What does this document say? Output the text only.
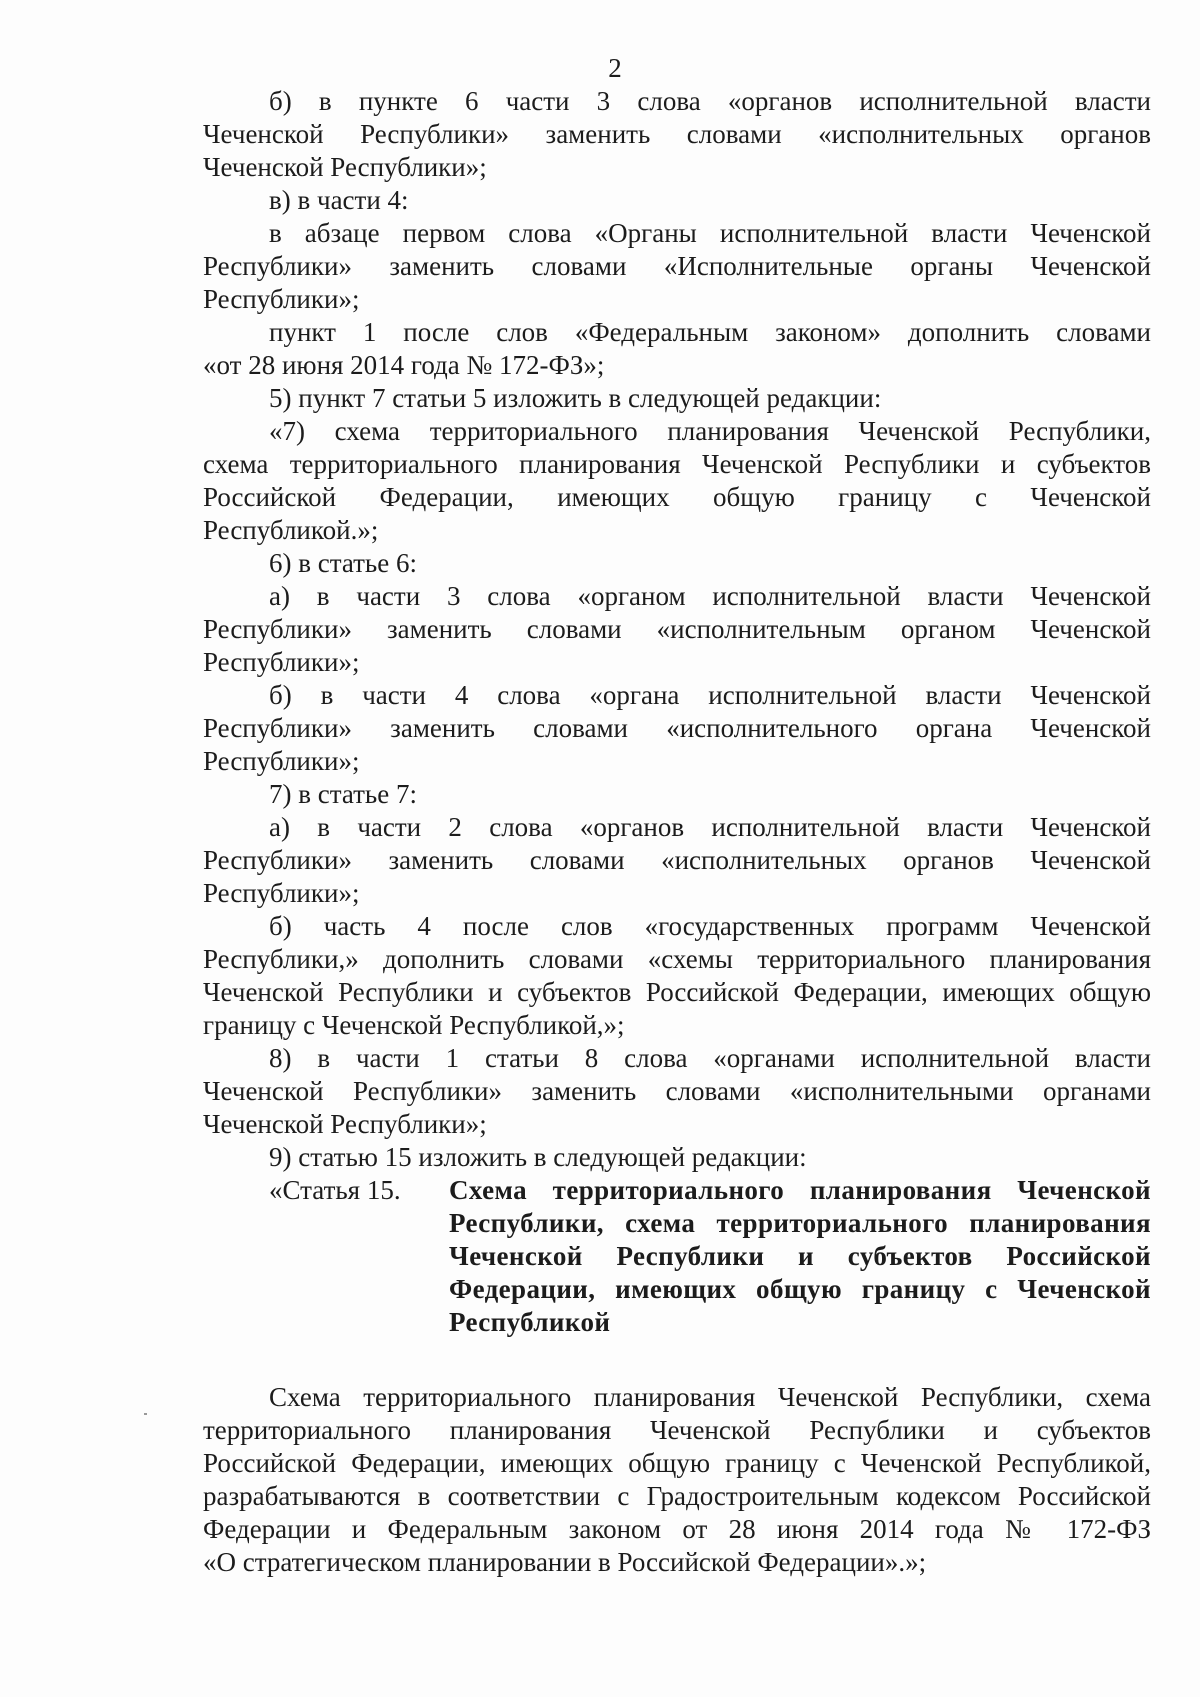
2
б) в пункте 6 части 3 слова «органов исполнительной власти
Чеченской Республики» заменить словами «исполнительных органов
Чеченской Республики»;
в) в части 4:
в абзаце первом слова «Органы исполнительной власти Чеченской
Республики» заменить словами «Исполнительные органы Чеченской
Республики»;
пункт 1 после слов «Федеральным законом» дополнить словами
«от 28 июня 2014 года № 172-ФЗ»;
5) пункт 7 статьи 5 изложить в следующей редакции:
«7) схема территориального планирования Чеченской Республики,
схема территориального планирования Чеченской Республики и субъектов
Российской Федерации, имеющих общую границу с Чеченской
Республикой.»;
6) в статье 6:
а) в части 3 слова «органом исполнительной власти Чеченской
Республики» заменить словами «исполнительным органом Чеченской
Республики»;
б) в части 4 слова «органа исполнительной власти Чеченской
Республики» заменить словами «исполнительного органа Чеченской
Республики»;
7) в статье 7:
а) в части 2 слова «органов исполнительной власти Чеченской
Республики» заменить словами «исполнительных органов Чеченской
Республики»;
б) часть 4 после слов «государственных программ Чеченской
Республики,» дополнить словами «схемы территориального планирования
Чеченской Республики и субъектов Российской Федерации, имеющих общую
границу с Чеченской Республикой,»;
8) в части 1 статьи 8 слова «органами исполнительной власти
Чеченской Республики» заменить словами «исполнительными органами
Чеченской Республики»;
9) статью 15 изложить в следующей редакции:
«Статья 15.	Схема территориального планирования Чеченской
Республики, схема территориального планирования
Чеченской Республики и субъектов Российской
Федерации, имеющих общую границу с Чеченской
Республикой
Схема территориального планирования Чеченской Республики, схема
территориального планирования Чеченской Республики и субъектов
Российской Федерации, имеющих общую границу с Чеченской Республикой,
разрабатываются в соответствии с Градостроительным кодексом Российской
Федерации и Федеральным законом от 28 июня 2014 года № 172-ФЗ
«О стратегическом планировании в Российской Федерации».»;
